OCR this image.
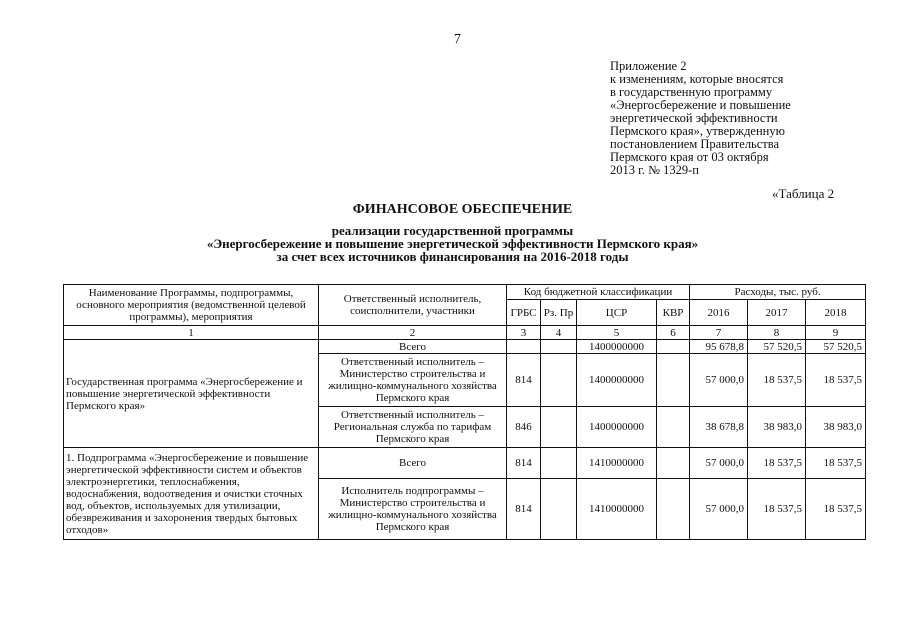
7
Приложение 2
к изменениям, которые вносятся
в государственную программу
«Энергосбережение и повышение
энергетической эффективности
Пермского края», утвержденную
постановлением Правительства
Пермского края от 03 октября
2013 г. № 1329-п
«Таблица 2
ФИНАНСОВОЕ ОБЕСПЕЧЕНИЕ
реализации государственной программы
«Энергосбережение и повышение энергетической эффективности Пермского края»
за счет всех источников финансирования на 2016-2018 годы
Наименование Программы, подпрограммы, основного мероприятия (ведомственной целевой программы), мероприятия	Ответственный исполнитель, соисполнители, участники	Код бюджетной классификации				Расходы, тыс. руб.		
		ГРБС	Рз. Пр	ЦСР	КВР	2016	2017	2018
1	2	3	4	5	6	7	8	9
Государственная программа «Энергосбережение и повышение энергетической эффективности Пермского края»	Всего			1400000000		95 678,8	57 520,5	57 520,5
	Ответственный исполнитель – Министерство строительства и жилищно-коммунального хозяйства Пермского края	814		1400000000		57 000,0	18 537,5	18 537,5
	Ответственный исполнитель – Региональная служба по тарифам Пермского края	846		1400000000		38 678,8	38 983,0	38 983,0
1. Подпрограмма «Энергосбережение и повышение энергетической эффективности систем и объектов электроэнергетики, теплоснабжения, водоснабжения, водоотведения и очистки сточных вод, объектов, используемых для утилизации, обезвреживания и захоронения твердых бытовых отходов»	Всего	814		1410000000		57 000,0	18 537,5	18 537,5
	Исполнитель подпрограммы – Министерство строительства и жилищно-коммунального хозяйства Пермского края	814		1410000000		57 000,0	18 537,5	18 537,5
